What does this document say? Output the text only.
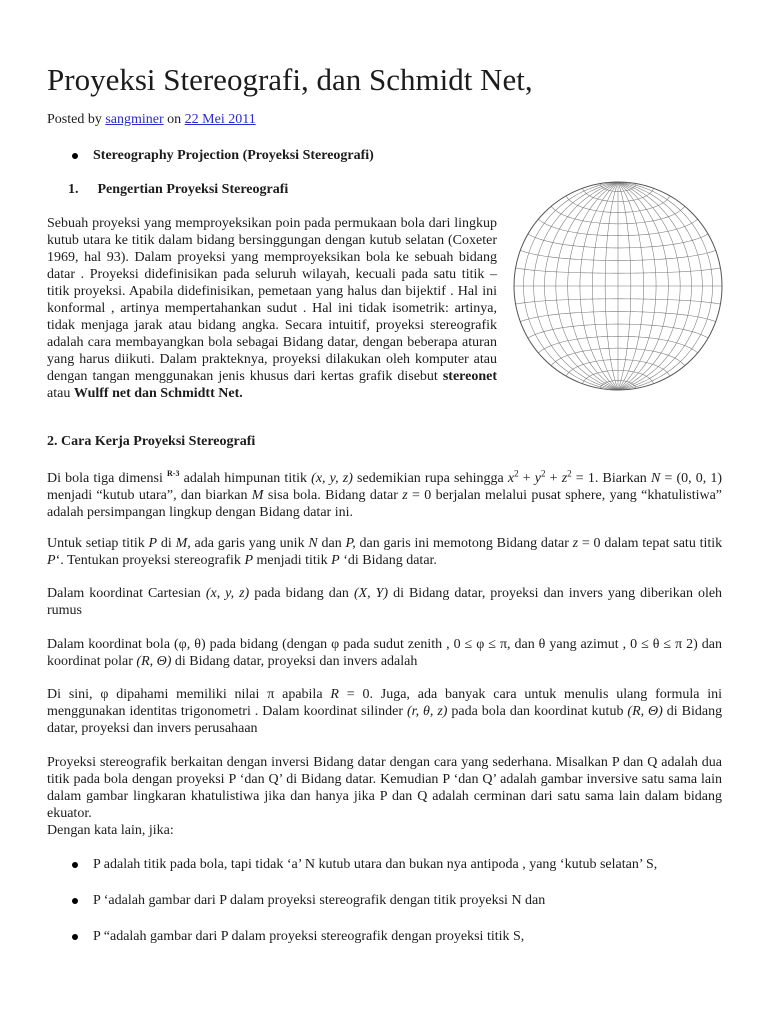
Proyeksi Stereografi, dan Schmidt Net,
Posted by sangminer on 22 Mei 2011
Stereography Projection (Proyeksi Stereografi)
1. Pengertian Proyeksi Stereografi

Sebuah proyeksi yang memproyeksikan poin pada permukaan bola dari lingkup kutub utara ke titik dalam bidang bersinggungan dengan kutub selatan (Coxeter 1969, hal 93). Dalam proyeksi yang memproyeksikan bola ke sebuah bidang datar . Proyeksi didefinisikan pada seluruh wilayah, kecuali pada satu titik – titik proyeksi. Apabila didefinisikan, pemetaan yang halus dan bijektif . Hal ini konformal , artinya mempertahankan sudut . Hal ini tidak isometrik: artinya, tidak menjaga jarak atau bidang angka. Secara intuitif, proyeksi stereografik adalah cara membayangkan bola sebagai Bidang datar, dengan beberapa aturan yang harus diikuti. Dalam prakteknya, proyeksi dilakukan oleh komputer atau dengan tangan menggunakan jenis khusus dari kertas grafik disebut stereonet atau Wulff net dan Schmidtt Net.

2. Cara Kerja Proyeksi Stereografi

Di bola tiga dimensi $^{R-3}$ adalah himpunan titik (x, y, z) sedemikian rupa sehingga $x^2 + y^2 + z^2 = 1$. Biarkan N = (0, 0, 1) menjadi “kutub utara”, dan biarkan M sisa bola. Bidang datar z = 0 berjalan melalui pusat sphere, yang “khatulistiwa” adalah persimpangan lingkup dengan Bidang datar ini.

Untuk setiap titik P di M, ada garis yang unik N dan P, dan garis ini memotong Bidang datar z = 0 dalam tepat satu titik P‘. Tentukan proyeksi stereografik P menjadi titik P ‘di Bidang datar.

Dalam koordinat Cartesian (x, y, z) pada bidang dan (X, Y) di Bidang datar, proyeksi dan invers yang diberikan oleh rumus

Dalam koordinat bola (φ, θ) pada bidang (dengan φ pada sudut zenith , 0 ≤ φ ≤ π, dan θ yang azimut , 0 ≤ θ ≤ π 2) dan koordinat polar (R, Θ) di Bidang datar, proyeksi dan invers adalah

Di sini, φ dipahami memiliki nilai π apabila R = 0. Juga, ada banyak cara untuk menulis ulang formula ini menggunakan identitas trigonometri . Dalam koordinat silinder (r, θ, z) pada bola dan koordinat kutub (R, Θ) di Bidang datar, proyeksi dan invers perusahaan

Proyeksi stereografik berkaitan dengan inversi Bidang datar dengan cara yang sederhana. Misalkan P dan Q adalah dua titik pada bola dengan proyeksi P ‘dan Q’ di Bidang datar. Kemudian P ‘dan Q’ adalah gambar inversive satu sama lain dalam gambar lingkaran khatulistiwa jika dan hanya jika P dan Q adalah cerminan dari satu sama lain dalam bidang ekuator.

Dengan kata lain, jika:

P adalah titik pada bola, tapi tidak ‘a’ N kutub utara dan bukan nya antipoda , yang ‘kutub selatan’ S,
P ‘adalah gambar dari P dalam proyeksi stereografik dengan titik proyeksi N dan
P “adalah gambar dari P dalam proyeksi stereografik dengan proyeksi titik S,
